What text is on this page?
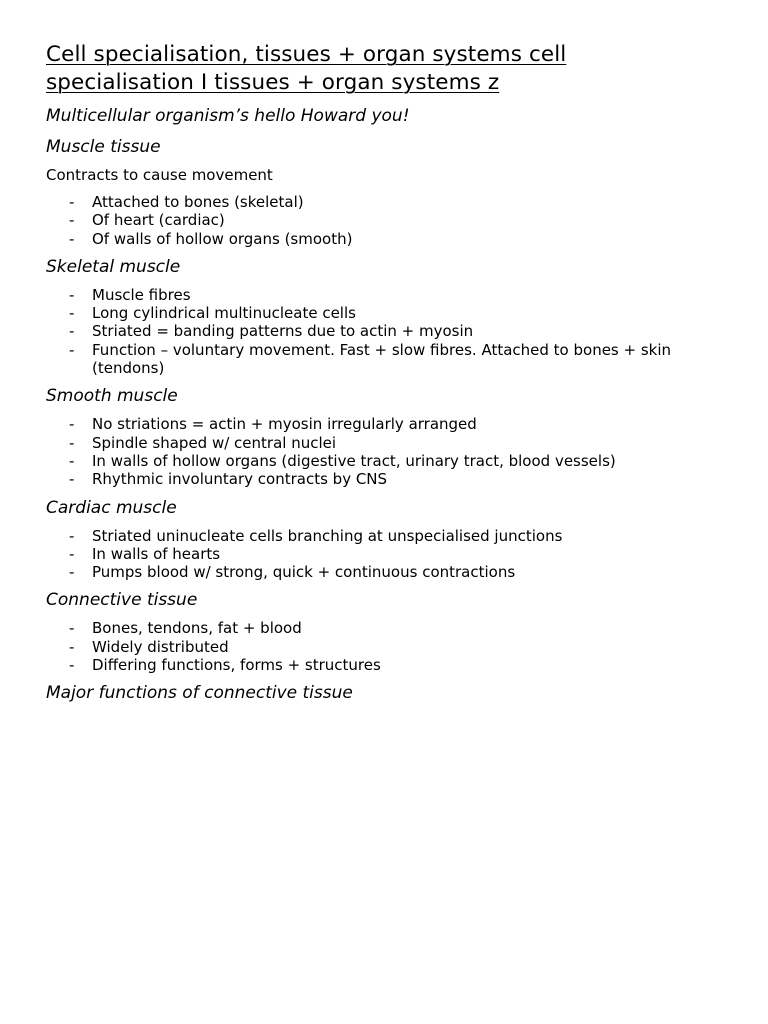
Cell specialisation, tissues + organ systems cell
specialisation I tissues + organ systems z

Multicellular organism’s hello Howard you!

Muscle tissue

Contracts to cause movement

- Attached to bones (skeletal)
- Of heart (cardiac)
- Of walls of hollow organs (smooth)
Skeletal muscle
- Muscle fibres
- Long cylindrical multinucleate cells
- Striated = banding patterns due to actin + myosin
- Function – voluntary movement. Fast + slow fibres. Attached to bones + skin (tendons)
Smooth muscle
- No striations = actin + myosin irregularly arranged
- Spindle shaped w/ central nuclei
- In walls of hollow organs (digestive tract, urinary tract, blood vessels)
- Rhythmic involuntary contracts by CNS
Cardiac muscle
- Striated uninucleate cells branching at unspecialised junctions
- In walls of hearts
- Pumps blood w/ strong, quick + continuous contractions
Connective tissue
- Bones, tendons, fat + blood
- Widely distributed
- Differing functions, forms + structures
Major functions of connective tissue
